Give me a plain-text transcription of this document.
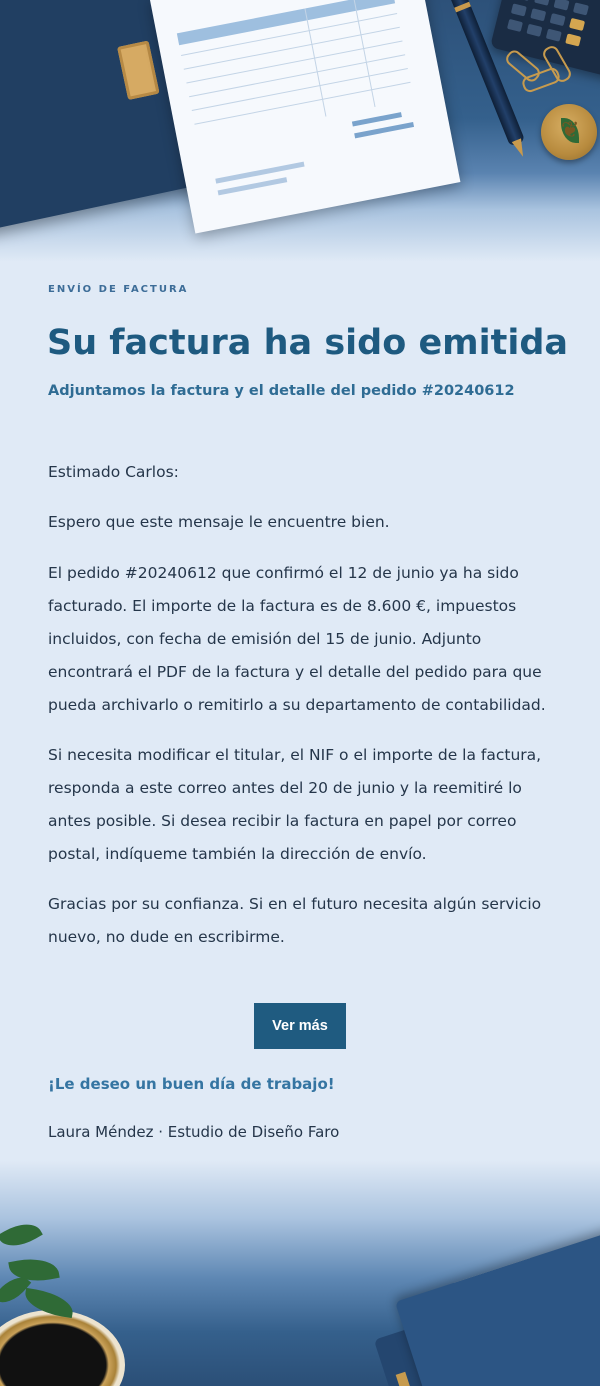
❦
ENVÍO DE FACTURA
Su factura ha sido emitida
Adjuntamos la factura y el detalle del pedido #20240612

Estimado Carlos:

Espero que este mensaje le encuentre bien.

El pedido #20240612 que confirmó el 12 de junio ya ha sido facturado. El importe de la factura es de 8.600 €, impuestos incluidos, con fecha de emisión del 15 de junio. Adjunto encontrará el PDF de la factura y el detalle del pedido para que pueda archivarlo o remitirlo a su departamento de contabilidad.

Si necesita modificar el titular, el NIF o el importe de la factura, responda a este correo antes del 20 de junio y la reemitiré lo antes posible. Si desea recibir la factura en papel por correo postal, indíqueme también la dirección de envío.

Gracias por su confianza. Si en el futuro necesita algún servicio nuevo, no dude en escribirme.

Ver más
¡Le deseo un buen día de trabajo!
Laura Méndez · Estudio de Diseño Faro
